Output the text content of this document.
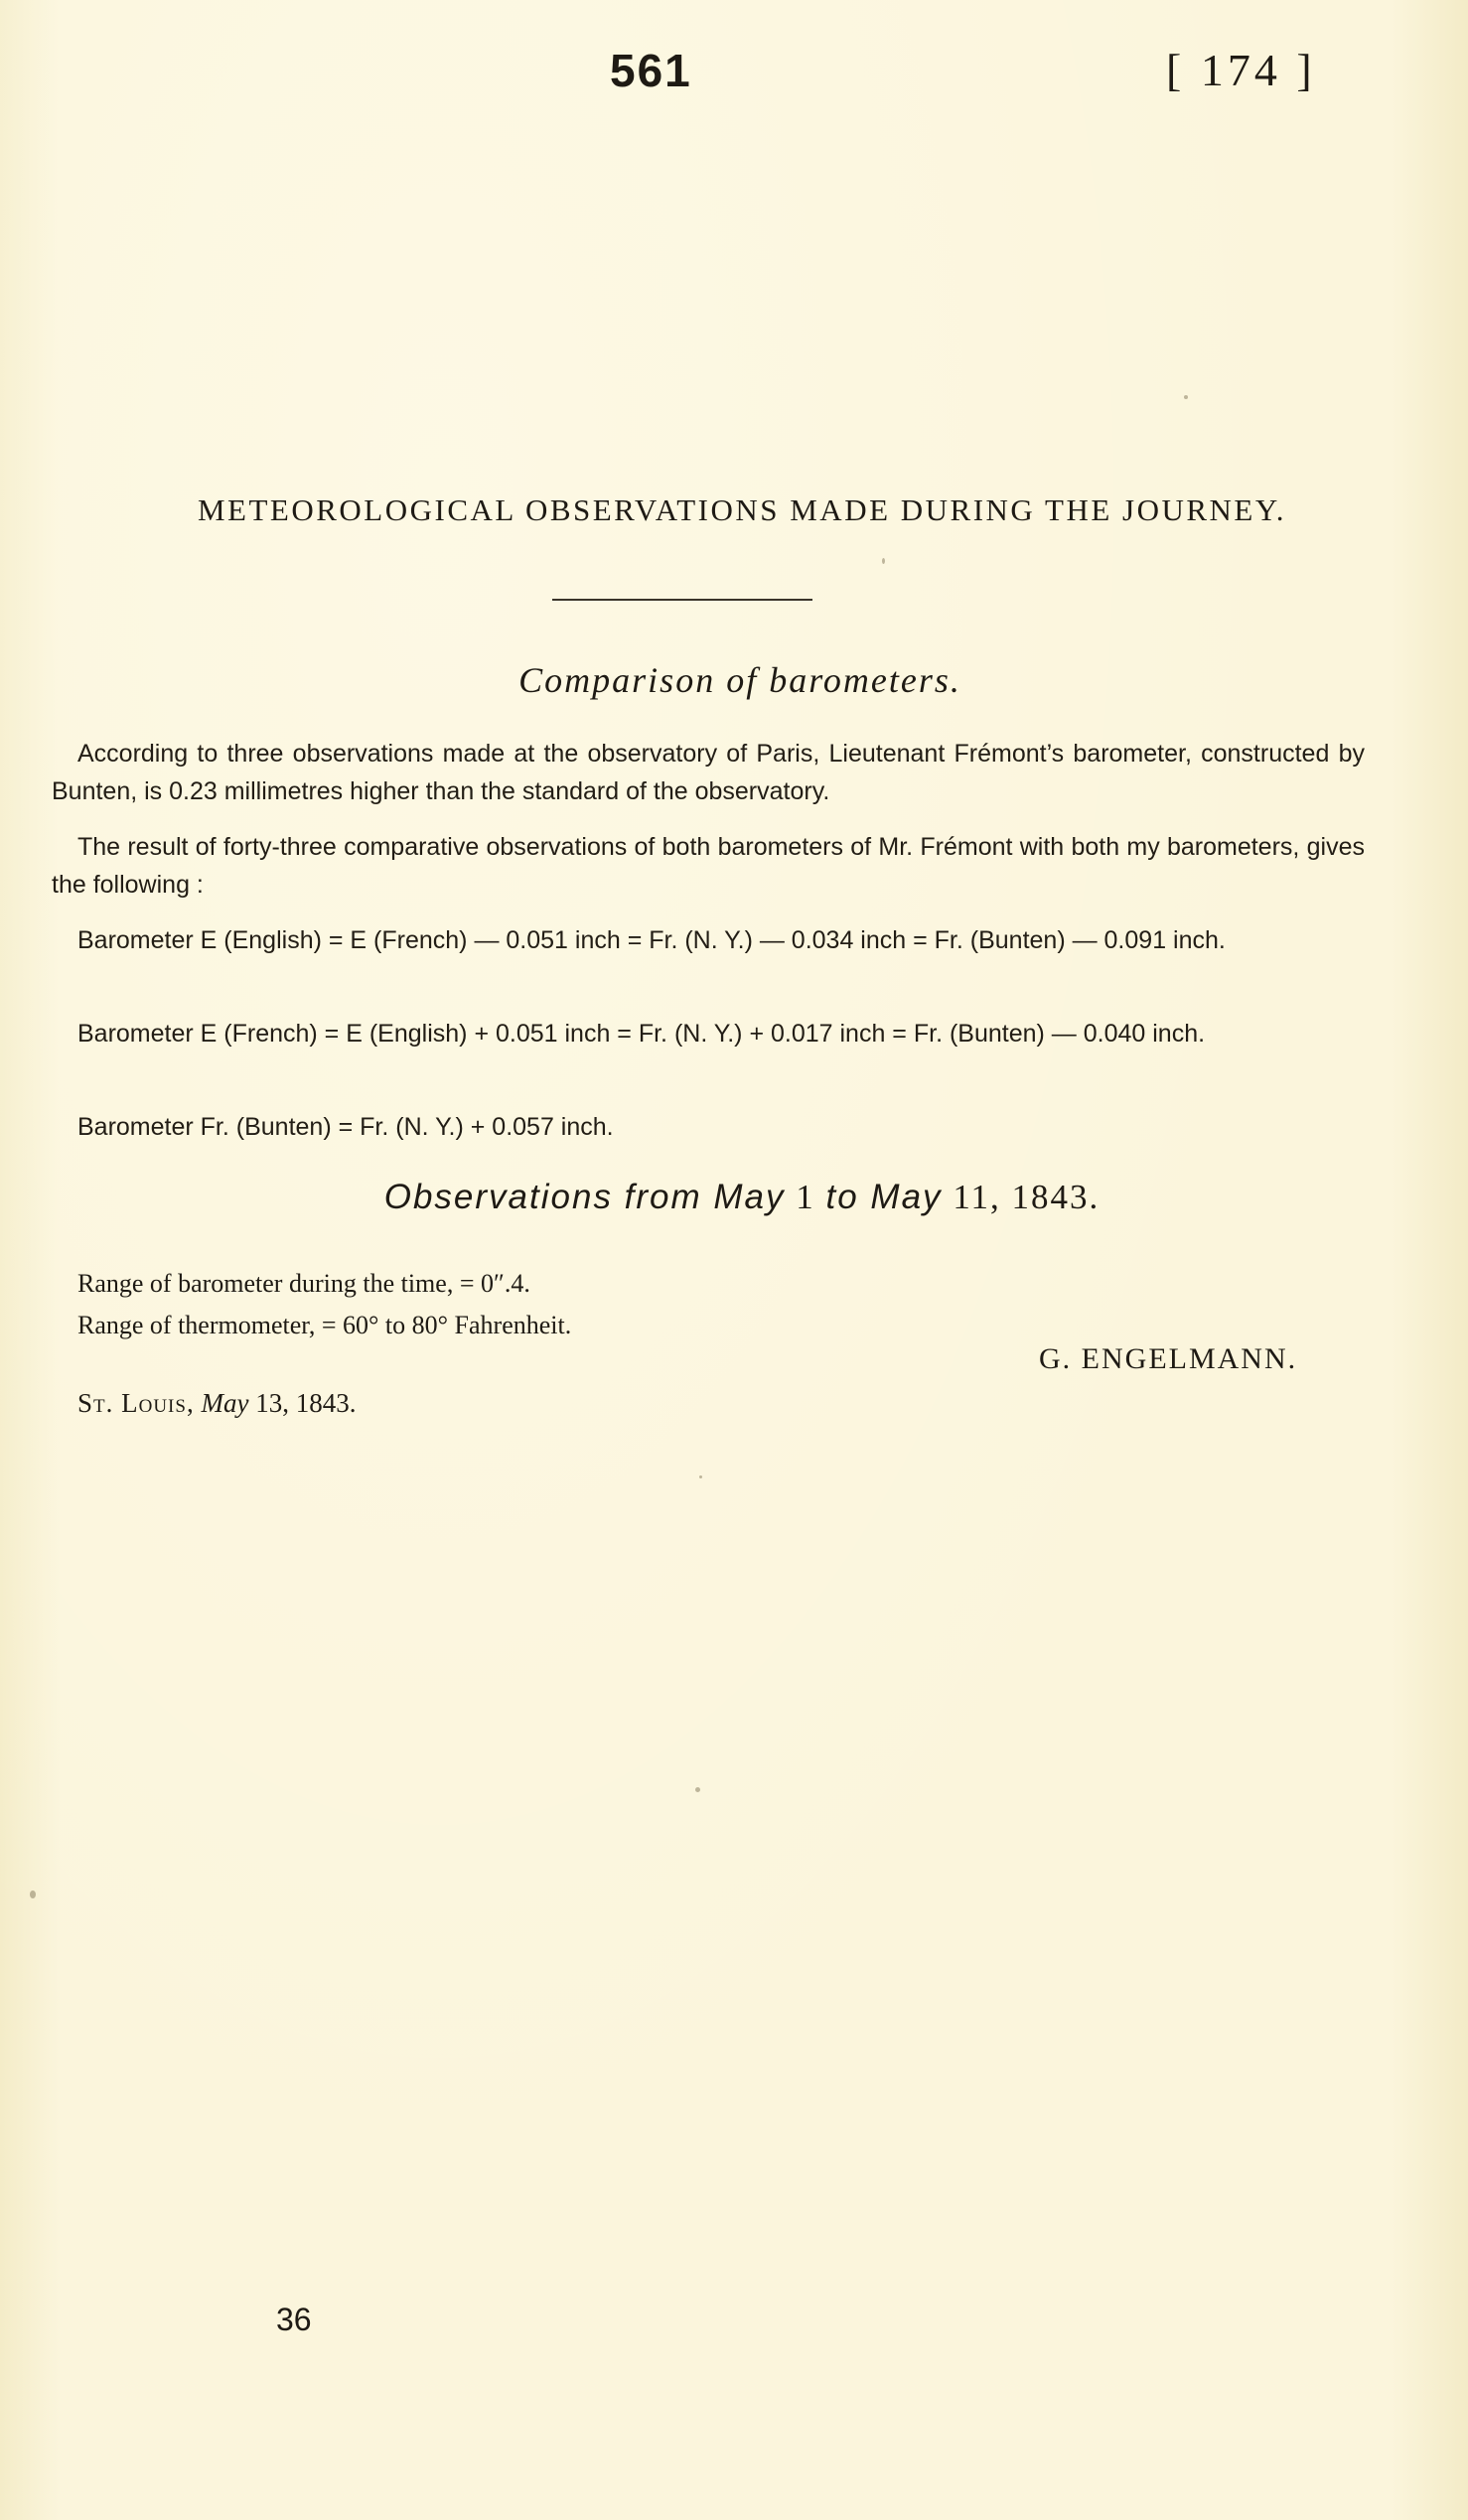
561	[ 174 ]
METEOROLOGICAL OBSERVATIONS MADE DURING THE JOURNEY.
Comparison of barometers.

According to three observations made at the observatory of Paris, Lieutenant Frémont’s barometer, constructed by Bunten, is 0.23 millimetres higher than the standard of the observatory.

The result of forty-three comparative observations of both barometers of Mr. Frémont with both my barometers, gives the following :

Barometer E (English) = E (French) — 0.051 inch = Fr. (N. Y.) — 0.034 inch = Fr. (Bunten) — 0.091 inch.

Barometer E (French) = E (English) + 0.051 inch = Fr. (N. Y.) + 0.017 inch = Fr. (Bunten) — 0.040 inch.

Barometer Fr. (Bunten) = Fr. (N. Y.) + 0.057 inch.

Observations from May 1 to May 11, 1843.
Range of barometer during the time, = 0″.4.
Range of thermometer, = 60° to 80° Fahrenheit.
G. ENGELMANN.
St. Louis, May 13, 1843.
36
